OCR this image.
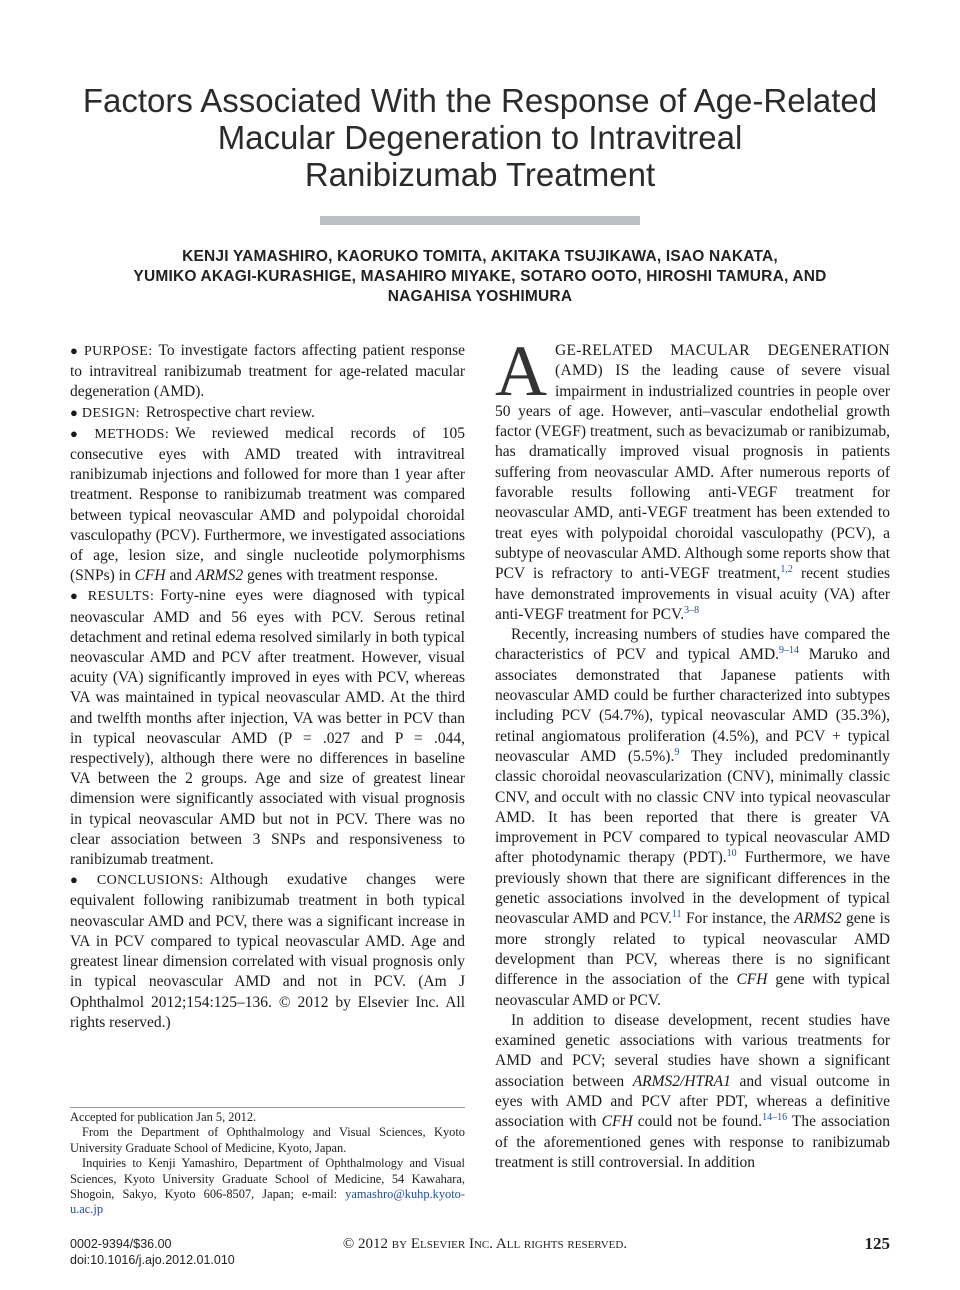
Factors Associated With the Response of Age-Related
Macular Degeneration to Intravitreal
Ranibizumab Treatment
KENJI YAMASHIRO, KAORUKO TOMITA, AKITAKA TSUJIKAWA, ISAO NAKATA,
YUMIKO AKAGI-KURASHIGE, MASAHIRO MIYAKE, SOTARO OOTO, HIROSHI TAMURA, AND
NAGAHISA YOSHIMURA

● PURPOSE: To investigate factors affecting patient response to intravitreal ranibizumab treatment for age-related macular degeneration (AMD).

● DESIGN: Retrospective chart review.

● METHODS: We reviewed medical records of 105 consecutive eyes with AMD treated with intravitreal ranibizumab injections and followed for more than 1 year after treatment. Response to ranibizumab treatment was compared between typical neovascular AMD and polypoidal choroidal vasculopathy (PCV). Furthermore, we investigated associations of age, lesion size, and single nucleotide polymorphisms (SNPs) in CFH and ARMS2 genes with treatment response.

● RESULTS: Forty-nine eyes were diagnosed with typical neovascular AMD and 56 eyes with PCV. Serous retinal detachment and retinal edema resolved similarly in both typical neovascular AMD and PCV after treatment. However, visual acuity (VA) significantly improved in eyes with PCV, whereas VA was maintained in typical neovascular AMD. At the third and twelfth months after injection, VA was better in PCV than in typical neovascular AMD (P = .027 and P = .044, respectively), although there were no differences in baseline VA between the 2 groups. Age and size of greatest linear dimension were significantly associated with visual prognosis in typical neovascular AMD but not in PCV. There was no clear association between 3 SNPs and responsiveness to ranibizumab treatment.

● CONCLUSIONS: Although exudative changes were equivalent following ranibizumab treatment in both typical neovascular AMD and PCV, there was a significant increase in VA in PCV compared to typical neovascular AMD. Age and greatest linear dimension correlated with visual prognosis only in typical neovascular AMD and not in PCV. (Am J Ophthalmol 2012;154:125–136. © 2012 by Elsevier Inc. All rights reserved.)

Accepted for publication Jan 5, 2012.

From the Department of Ophthalmology and Visual Sciences, Kyoto University Graduate School of Medicine, Kyoto, Japan.

Inquiries to Kenji Yamashiro, Department of Ophthalmology and Visual Sciences, Kyoto University Graduate School of Medicine, 54 Kawahara, Shogoin, Sakyo, Kyoto 606-8507, Japan; e-mail: yamashro@kuhp.kyoto-u.ac.jp

AGE-RELATED MACULAR DEGENERATION (AMD) IS the leading cause of severe visual impairment in industrialized countries in people over 50 years of age. However, anti–vascular endothelial growth factor (VEGF) treatment, such as bevacizumab or ranibizumab, has dramatically improved visual prognosis in patients suffering from neovascular AMD. After numerous reports of favorable results following anti-VEGF treatment for neovascular AMD, anti-VEGF treatment has been extended to treat eyes with polypoidal choroidal vasculopathy (PCV), a subtype of neovascular AMD. Although some reports show that PCV is refractory to anti-VEGF treatment,$^{1,2}$ recent studies have demonstrated improvements in visual acuity (VA) after anti-VEGF treatment for PCV.$^{3-8}$

Recently, increasing numbers of studies have compared the characteristics of PCV and typical AMD.$^{9-14}$ Maruko and associates demonstrated that Japanese patients with neovascular AMD could be further characterized into subtypes including PCV (54.7%), typical neovascular AMD (35.3%), retinal angiomatous proliferation (4.5%), and PCV + typical neovascular AMD (5.5%).$^9$ They included predominantly classic choroidal neovascularization (CNV), minimally classic CNV, and occult with no classic CNV into typical neovascular AMD. It has been reported that there is greater VA improvement in PCV compared to typical neovascular AMD after photodynamic therapy (PDT).$^{10}$ Furthermore, we have previously shown that there are significant differences in the genetic associations involved in the development of typical neovascular AMD and PCV.$^{11}$ For instance, the ARMS2 gene is more strongly related to typical neovascular AMD development than PCV, whereas there is no significant difference in the association of the CFH gene with typical neovascular AMD or PCV.

In addition to disease development, recent studies have examined genetic associations with various treatments for AMD and PCV; several studies have shown a significant association between ARMS2/HTRA1 and visual outcome in eyes with AMD and PCV after PDT, whereas a definitive association with CFH could not be found.$^{14-16}$ The association of the aforementioned genes with response to ranibizumab treatment is still controversial. In addition

0002-9394/$36.00
doi:10.1016/j.ajo.2012.01.010
© 2012 by Elsevier Inc. All rights reserved.	125
